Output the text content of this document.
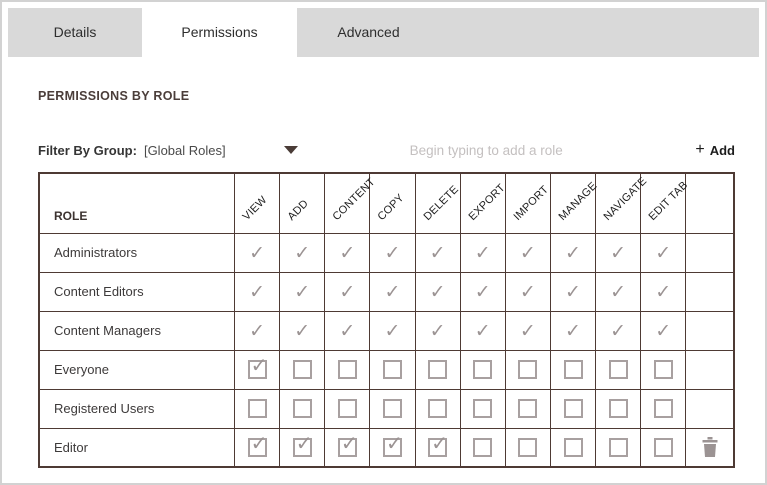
Details	Permissions	Advanced
PERMISSIONS BY ROLE
Filter By Group: [Global Roles]
Begin typing to add a role	+ Add
ROLE	VIEW	ADD	CONTENT	COPY	DELETE	EXPORT	IMPORT	MANAGE	NAVIGATE	EDIT TAB	

Administrators	✓	✓	✓	✓	✓	✓	✓	✓	✓	✓	
Content Editors	✓	✓	✓	✓	✓	✓	✓	✓	✓	✓	
Content Managers	✓	✓	✓	✓	✓	✓	✓	✓	✓	✓	
Everyone	✓										
Registered Users											
Editor	✓	✓	✓	✓	✓						
